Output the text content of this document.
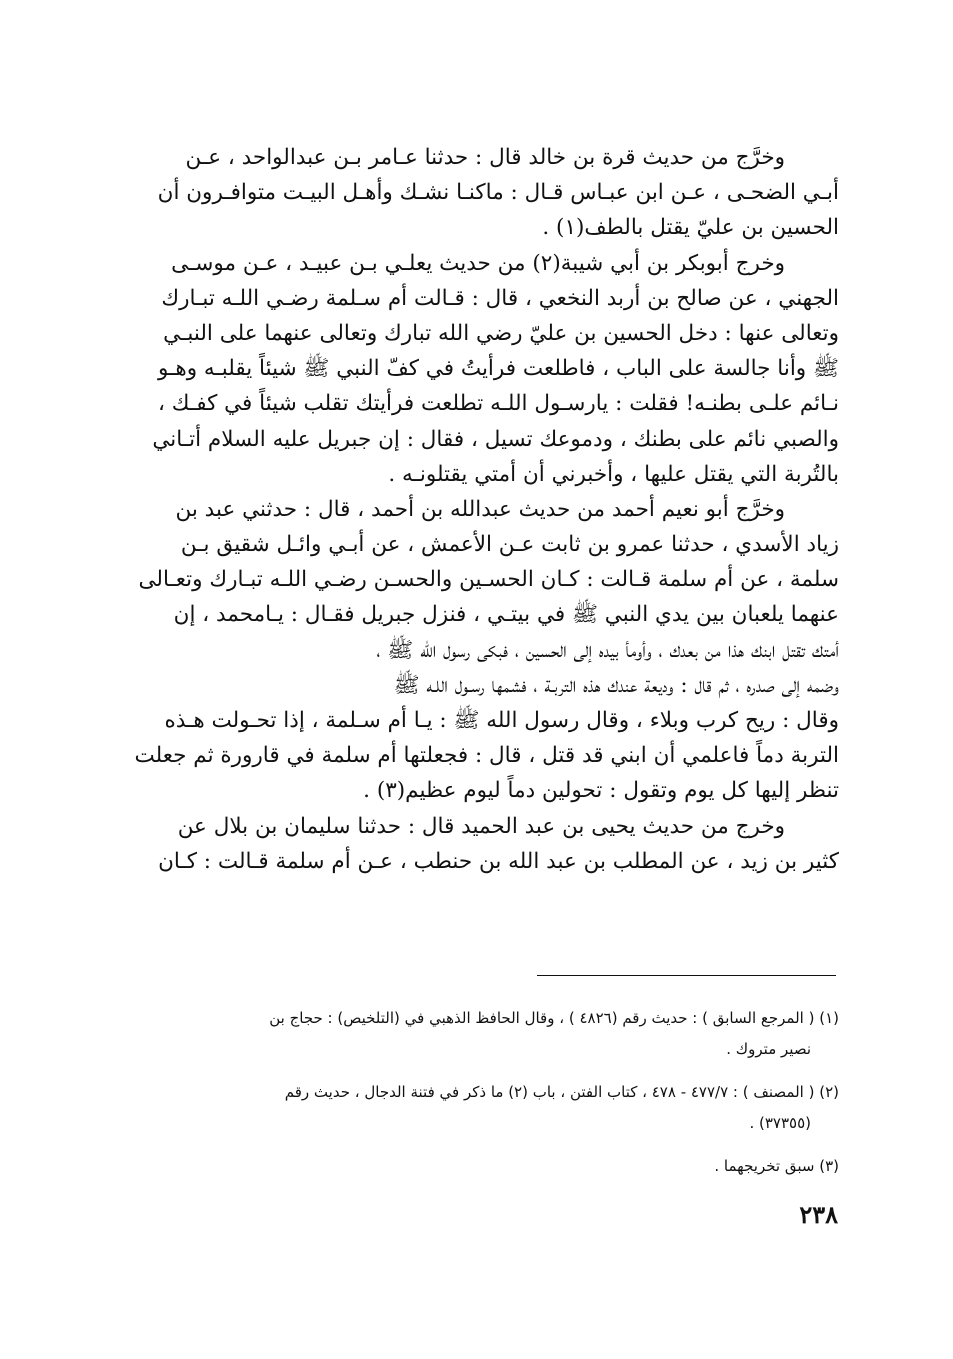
وخرَّج من حديث قرة بن خالد قال : حدثنا عـامر بـن عبدالواحد ، عـن
أبـي الضحـى ، عـن ابن عبـاس قـال : ماكنـا نشـك وأهـل البيـت متوافـرون أن
الحسين بن عليّ يقتل بالطف(١) .

وخرج أبوبكر بن أبي شيبة(٢) من حديث يعلـي بـن عبيـد ، عـن موسـى
الجهني ، عن صالح بن أربد النخعي ، قال : قـالت أم سـلمة رضـي اللـه تبـارك
وتعالى عنها : دخل الحسين بن عليّ رضي الله تبارك وتعالى عنهما على النبـي
ﷺ وأنا جالسة على الباب ، فاطلعت فرأيتُ في كفّ النبي ﷺ شيئاً يقلبـه وهـو
نـائم علـى بطنـه! فقلت : يارسـول اللـه تطلعت فرأيتك تقلب شيئاً في كفـك ،
والصبي نائم على بطنك ، ودموعك تسيل ، فقال : إن جبريل عليه السلام أتـاني
بالتُربة التي يقتل عليها ، وأخبرني أن أمتي يقتلونـه .

وخرَّج أبو نعيم أحمد من حديث عبدالله بن أحمد ، قال : حدثني عبد بن
زياد الأسدي ، حدثنا عمرو بن ثابت عـن الأعمش ، عن أبـي وائـل شقيق بـن
سلمة ، عن أم سلمة قـالت : كـان الحسـين والحسـن رضـي اللـه تبـارك وتعـالى
عنهما يلعبان بين يدي النبي ﷺ في بيتـي ، فنزل جبريل فقـال : يـامحمد ، إن
أمتك تقتل ابنك هذا من بعدك ، وأومأ بيده إلى الحسين ، فبكى رسول الله ﷺ ،
وضمه إلى صدره ، ثم قال : وديعة عندك هذه التربـة ، فشمها رسـول اللـه ﷺ
وقال : ريح كرب وبلاء ، وقال رسول الله ﷺ : يـا أم سـلمة ، إذا تحـولت هـذه
التربة دماً فاعلمي أن ابني قد قتل ، قال : فجعلتها أم سلمة في قارورة ثم جعلت
تنظر إليها كل يوم وتقول : تحولين دماً ليوم عظيم(٣) .

وخرج من حديث يحيى بن عبد الحميد قال : حدثنا سليمان بن بلال عن
كثير بن زيد ، عن المطلب بن عبد الله بن حنطب ، عـن أم سلمة قـالت : كـان

(١) ( المرجع السابق ) : حديث رقم (٤٨٢٦ ) ، وقال الحافظ الذهبي في (التلخيص) : حجاج بن
نصير متروك .

(٢) ( المصنف ) : ٤٧٧/٧ - ٤٧٨ ، كتاب الفتن ، باب (٢) ما ذكر في فتنة الدجال ، حديث رقم
(٣٧٣٥٥) .

(٣) سبق تخريجهما .

٢٣٨
